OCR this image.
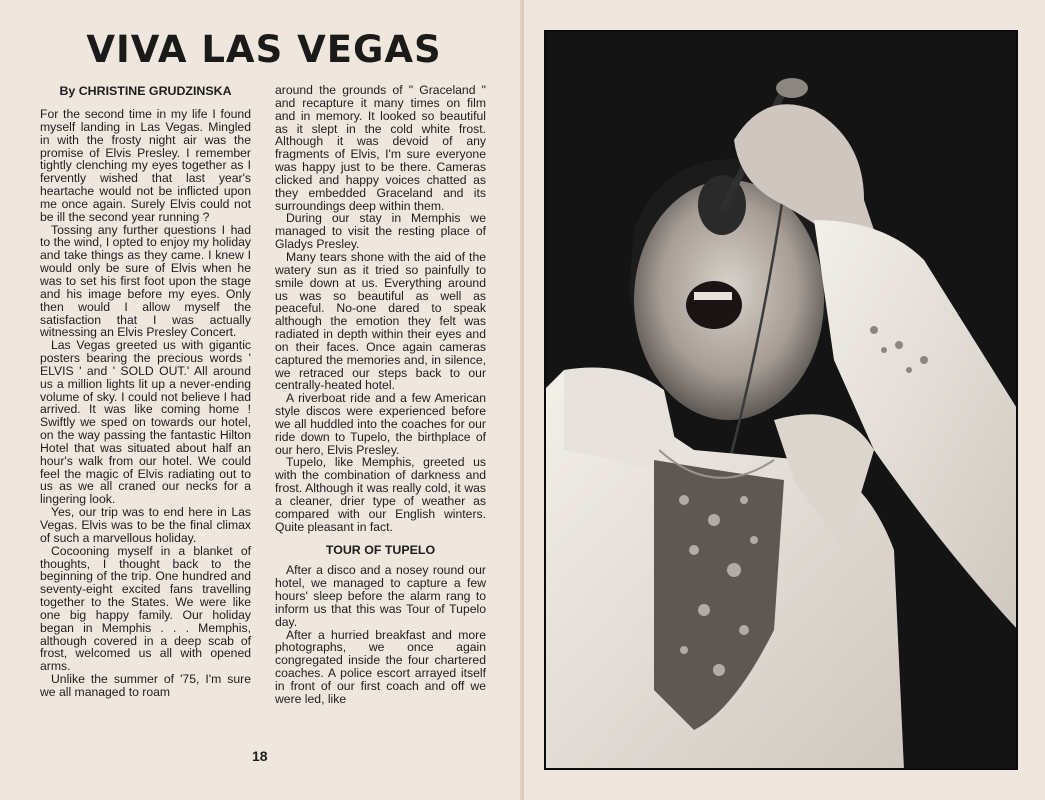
VIVA LAS VEGAS
By CHRISTINE GRUDZINSKA

For the second time in my life I found myself landing in Las Vegas. Mingled in with the frosty night air was the promise of Elvis Presley. I remember tightly clenching my eyes together as I fervently wished that last year's heartache would not be inflicted upon me once again. Surely Elvis could not be ill the second year running ?

Tossing any further questions I had to the wind, I opted to enjoy my holiday and take things as they came. I knew I would only be sure of Elvis when he was to set his first foot upon the stage and his image before my eyes. Only then would I allow myself the satisfaction that I was actually witnessing an Elvis Presley Concert.

Las Vegas greeted us with gigantic posters bearing the precious words ' ELVIS ' and ' SOLD OUT.' All around us a million lights lit up a never-ending volume of sky. I could not believe I had arrived. It was like coming home ! Swiftly we sped on towards our hotel, on the way passing the fantastic Hilton Hotel that was situated about half an hour's walk from our hotel. We could feel the magic of Elvis radiating out to us as we all craned our necks for a lingering look.

Yes, our trip was to end here in Las Vegas. Elvis was to be the final climax of such a marvellous holiday.

Cocooning myself in a blanket of thoughts, I thought back to the beginning of the trip. One hundred and seventy-eight excited fans travelling together to the States. We were like one big happy family. Our holiday began in Memphis . . . Memphis, although covered in a deep scab of frost, welcomed us all with opened arms.

Unlike the summer of '75, I'm sure we all managed to roam

around the grounds of " Graceland " and recapture it many times on film and in memory. It looked so beautiful as it slept in the cold white frost. Although it was devoid of any fragments of Elvis, I'm sure everyone was happy just to be there. Cameras clicked and happy voices chatted as they embedded Graceland and its surroundings deep within them.

During our stay in Memphis we managed to visit the resting place of Gladys Presley.

Many tears shone with the aid of the watery sun as it tried so painfully to smile down at us. Everything around us was so beautiful as well as peaceful. No-one dared to speak although the emotion they felt was radiated in depth within their eyes and on their faces. Once again cameras captured the memories and, in silence, we retraced our steps back to our centrally-heated hotel.

A riverboat ride and a few American style discos were experienced before we all huddled into the coaches for our ride down to Tupelo, the birthplace of our hero, Elvis Presley.

Tupelo, like Memphis, greeted us with the combination of darkness and frost. Although it was really cold, it was a cleaner, drier type of weather as compared with our English winters. Quite pleasant in fact.

TOUR OF TUPELO

After a disco and a nosey round our hotel, we managed to capture a few hours' sleep before the alarm rang to inform us that this was Tour of Tupelo day.

After a hurried breakfast and more photographs, we once again congregated inside the four chartered coaches. A police escort arrayed itself in front of our first coach and off we were led, like

18
